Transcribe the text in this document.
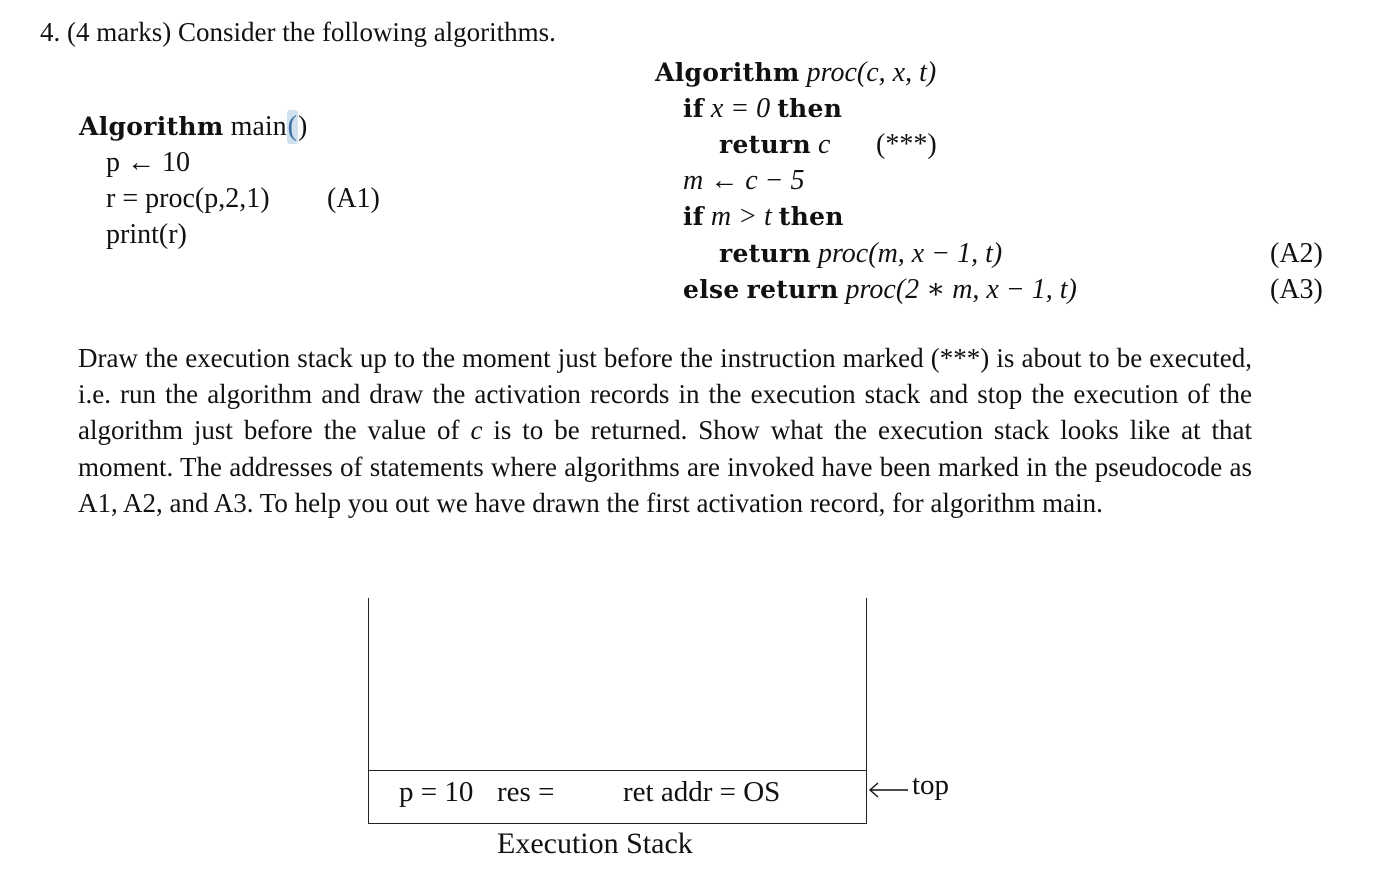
4. (4 marks) Consider the following algorithms.
Algorithm main()
p ← 10
r = proc(p,2,1) (A1)
print(r)
Algorithm proc(c, x, t)
if x = 0 then
return c (***)
m ← c − 5
if m > t then
return proc(m, x − 1, t)	(A2)
else return proc(2 ∗ m, x − 1, t)	(A3)
Draw the execution stack up to the moment just before the instruction marked (***) is about to be executed, i.e. run the algorithm and draw the activation records in the execution stack and stop the execution of the algorithm just before the value of c is to be returned. Show what the execution stack looks like at that moment. The addresses of statements where algorithms are invoked have been marked in the pseudocode as A1, A2, and A3. To help you out we have drawn the first activation record, for algorithm main.
p = 10 res = ret addr = OS	top
Execution Stack
